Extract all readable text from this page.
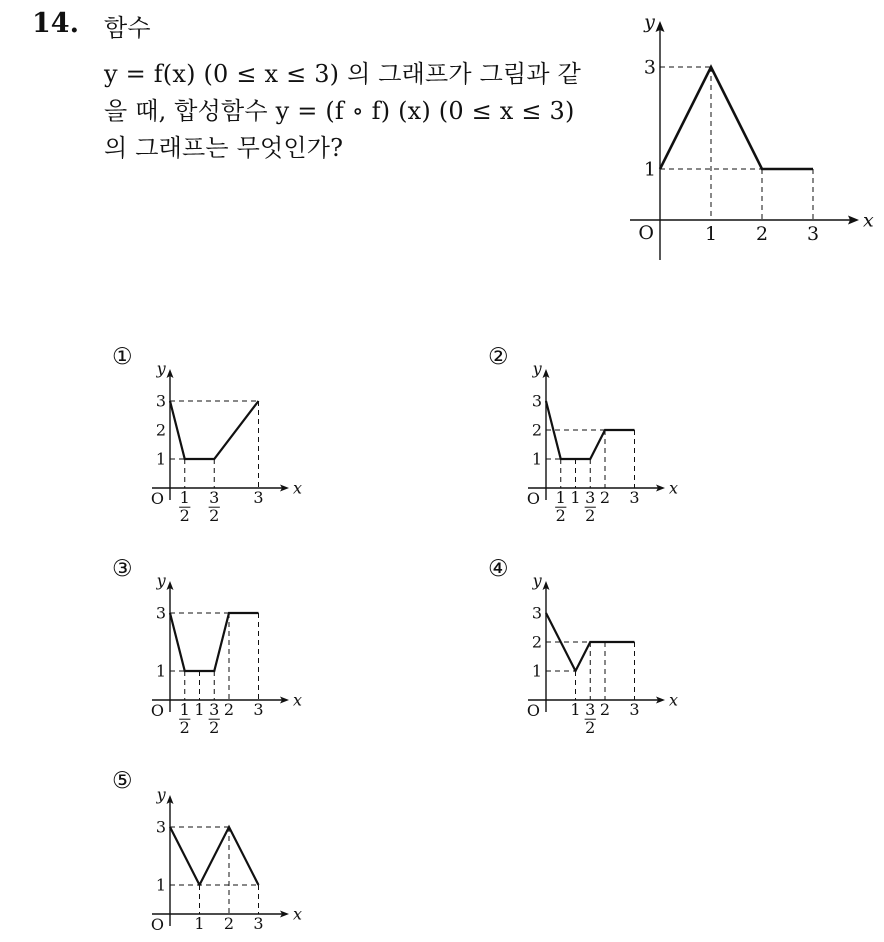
14. 함수
y = f(x) (0 ≤ x ≤ 3) 의 그래프가 그림과 같
을 때, 합성함수 y = (f ∘ f) (x) (0 ≤ x ≤ 3)
의 그래프는 무엇인가?
x
y
O
1
3
1 2 3
①	②
③	④
⑤
x
y
O
1
2
3
1
2
3
2
3
x
y
O
1
2
3
1
2
1 3
2
2 3
x
y
O
1
3
1
2
1 3
2
2 3
x
y
O
1
2
3
1 3
2
2 3
x
y
O
1
3
1 2 3
